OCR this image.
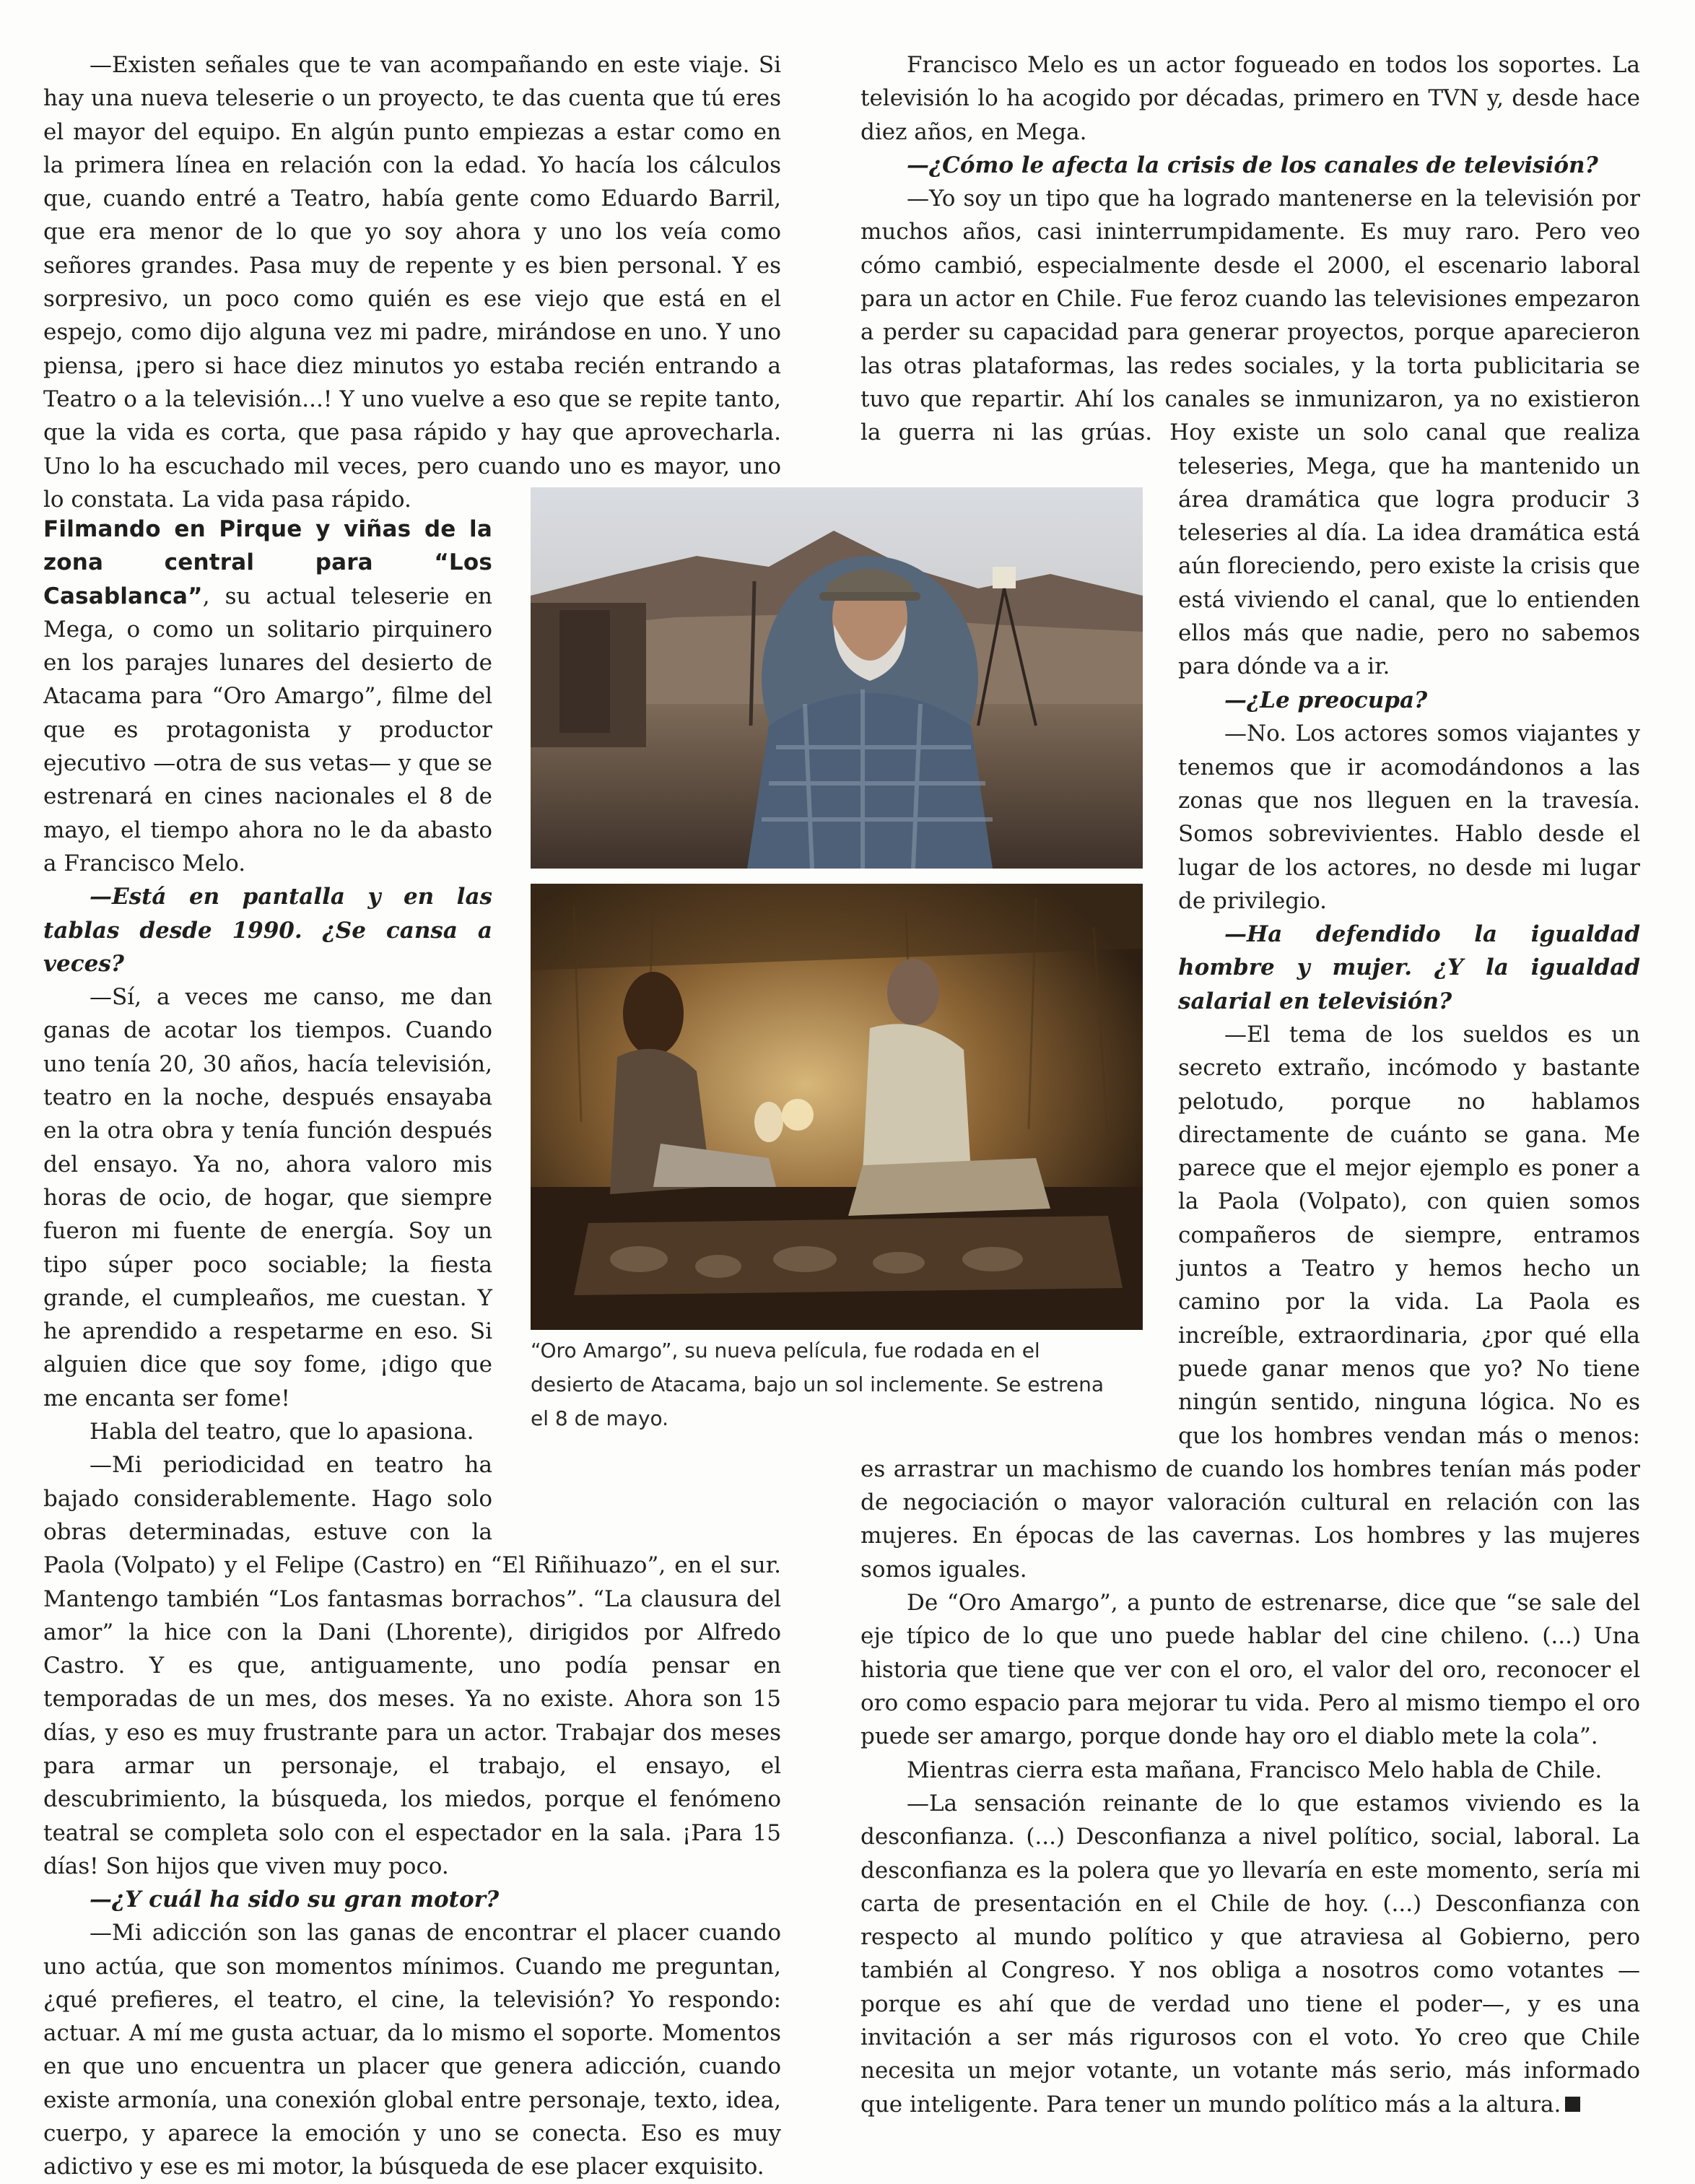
—Existen señales que te van acompañando en este viaje. Si hay una nueva teleserie o un proyecto, te das cuenta que tú eres el mayor del equipo. En algún punto empiezas a estar como en la primera línea en relación con la edad. Yo hacía los cálculos que, cuando entré a Teatro, había gente como Eduardo Barril, que era menor de lo que yo soy ahora y uno los veía como señores grandes. Pasa muy de repente y es bien personal. Y es sorpresivo, un poco como quién es ese viejo que está en el espejo, como dijo alguna vez mi padre, mirándose en uno. Y uno piensa, ¡pero si hace diez minutos yo estaba recién entrando a Teatro o a la televisión...! Y uno vuelve a eso que se repite tanto, que la vida es corta, que pasa rápido y hay que aprovecharla. Uno lo ha escuchado mil veces, pero cuando uno es mayor, uno lo constata. La vida pasa rápido.

Filmando en Pirque y viñas de la zona central para “Los Casablanca”, su actual teleserie en Mega, o como un solitario pirquinero en los parajes lunares del desierto de Atacama para “Oro Amargo”, filme del que es protagonista y productor ejecutivo —otra de sus vetas— y que se estrenará en cines nacionales el 8 de mayo, el tiempo ahora no le da abasto a Francisco Melo.

—Está en pantalla y en las tablas desde 1990. ¿Se cansa a veces?

—Sí, a veces me canso, me dan ganas de acotar los tiempos. Cuando uno tenía 20, 30 años, hacía televisión, teatro en la noche, después ensayaba en la otra obra y tenía función después del ensayo. Ya no, ahora valoro mis horas de ocio, de hogar, que siempre fueron mi fuente de energía. Soy un tipo súper poco sociable; la fiesta grande, el cumpleaños, me cuestan. Y he aprendido a respetarme en eso. Si alguien dice que soy fome, ¡digo que me encanta ser fome!

Habla del teatro, que lo apasiona.

Francisco Melo es un actor fogueado en todos los soportes. La televisión lo ha acogido por décadas, primero en TVN y, desde hace diez años, en Mega.

—¿Cómo le afecta la crisis de los canales de televisión?

“Oro Amargo”, su nueva película, fue rodada en el desierto de Atacama, bajo un sol inclemente. Se estrena el 8 de mayo.

—¿Le preocupa?

—No. Los actores somos viajantes y tenemos que ir acomodándonos a las zonas que nos lleguen en la travesía. Somos sobrevivientes. Hablo desde el lugar de los actores, no desde mi lugar de privilegio.

—Ha defendido la igualdad hombre y mujer. ¿Y la igualdad salarial en televisión?

De “Oro Amargo”, a punto de estrenarse, dice que “se sale del eje típico de lo que uno puede hablar del cine chileno. (...) Una historia que tiene que ver con el oro, el valor del oro, reconocer el oro como espacio para mejorar tu vida. Pero al mismo tiempo el oro puede ser amargo, porque donde hay oro el diablo mete la cola”.

Mientras cierra esta mañana, Francisco Melo habla de Chile.

—La sensación reinante de lo que estamos viviendo es la desconfianza. (...) Desconfianza a nivel político, social, laboral. La desconfianza es la polera que yo llevaría en este momento, sería mi carta de presentación en el Chile de hoy. (...) Desconfianza con respecto al mundo político y que atraviesa al Gobierno, pero también al Congreso. Y nos obliga a nosotros como votantes — porque es ahí que de verdad uno tiene el poder—, y es una invitación a ser más rigurosos con el voto. Yo creo que Chile necesita un mejor votante, un votante más serio, más informado que inteligente. Para tener un mundo político más a la altura.

—Mi periodicidad en teatro ha bajado considerablemente. Hago solo obras determinadas, estuve con la

Paola (Volpato) y el Felipe (Castro) en “El Riñihuazo”, en el sur. Mantengo también “Los fantasmas borrachos”. “La clausura del amor” la hice con la Dani (Lhorente), dirigidos por Alfredo Castro. Y es que, antiguamente, uno podía pensar en temporadas de un mes, dos meses. Ya no existe. Ahora son 15 días, y eso es muy frustrante para un actor. Trabajar dos meses para armar un personaje, el trabajo, el ensayo, el descubrimiento, la búsqueda, los miedos, porque el fenómeno teatral se completa solo con el espectador en la sala. ¡Para 15 días! Son hijos que viven muy poco.

—¿Y cuál ha sido su gran motor?

—Mi adicción son las ganas de encontrar el placer cuando uno actúa, que son momentos mínimos. Cuando me preguntan, ¿qué prefieres, el teatro, el cine, la televisión? Yo respondo: actuar. A mí me gusta actuar, da lo mismo el soporte. Momentos en que uno encuentra un placer que genera adicción, cuando existe armonía, una conexión global entre personaje, texto, idea, cuerpo, y aparece la emoción y uno se conecta. Eso es muy adictivo y ese es mi motor, la búsqueda de ese placer exquisito.

—Yo soy un tipo que ha logrado mantenerse en la televisión por muchos años, casi ininterrumpidamente. Es muy raro. Pero veo cómo cambió, especialmente desde el 2000, el escenario laboral para un actor en Chile. Fue feroz cuando las televisiones empezaron a perder su capacidad para generar proyectos, porque aparecieron las otras plataformas, las redes sociales, y la torta publicitaria se tuvo que repartir. Ahí los canales se inmunizaron, ya no existieron la guerra ni las grúas. Hoy existe un solo canal que realiza

teleseries, Mega, que ha mantenido un área dramática que logra producir 3 teleseries al día. La idea dramática está aún floreciendo, pero existe la crisis que está viviendo el canal, que lo entienden ellos más que nadie, pero no sabemos para dónde va a ir.

—El tema de los sueldos es un secreto extraño, incómodo y bastante pelotudo, porque no hablamos directamente de cuánto se gana. Me parece que el mejor ejemplo es poner a la Paola (Volpato), con quien somos compañeros de siempre, entramos juntos a Teatro y hemos hecho un camino por la vida. La Paola es increíble, extraordinaria, ¿por qué ella puede ganar menos que yo? No tiene ningún sentido, ninguna lógica. No es que los hombres vendan más o menos:

es arrastrar un machismo de cuando los hombres tenían más poder de negociación o mayor valoración cultural en relación con las mujeres. En épocas de las cavernas. Los hombres y las mujeres somos iguales.
